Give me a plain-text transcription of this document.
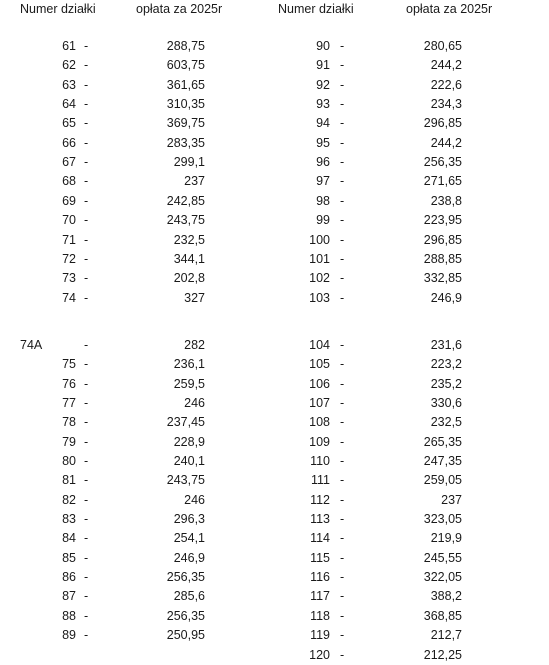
Numer działki	opłata za 2025r	Numer działki	opłata za 2025r
61 -	288,75
62 -	603,75
63 -	361,65
64 -	310,35
65 -	369,75
66 -	283,35
67 -	299,1
68 -	237
69 -	242,85
70 -	243,75
71 -	232,5
72 -	344,1
73 -	202,8
74 -	327
74A	-	282
75 -	236,1
76 -	259,5
77 -	246
78 -	237,45
79 -	228,9
80 -	240,1
81 -	243,75
82 -	246
83 -	296,3
84 -	254,1
85 -	246,9
86 -	256,35
87 -	285,6
88 -	256,35
89 -	250,95
90 -	280,65
91 -	244,2
92 -	222,6
93 -	234,3
94 -	296,85
95 -	244,2
96 -	256,35
97 -	271,65
98 -	238,8
99 -	223,95
100 -	296,85
101 -	288,85
102 -	332,85
103 -	246,9
104 -	231,6
105 -	223,2
106 -	235,2
107 -	330,6
108 -	232,5
109 -	265,35
110 -	247,35
111 -	259,05
112 -	237
113 -	323,05
114 -	219,9
115 -	245,55
116 -	322,05
117 -	388,2
118 -	368,85
119 -	212,7
120 -	212,25
